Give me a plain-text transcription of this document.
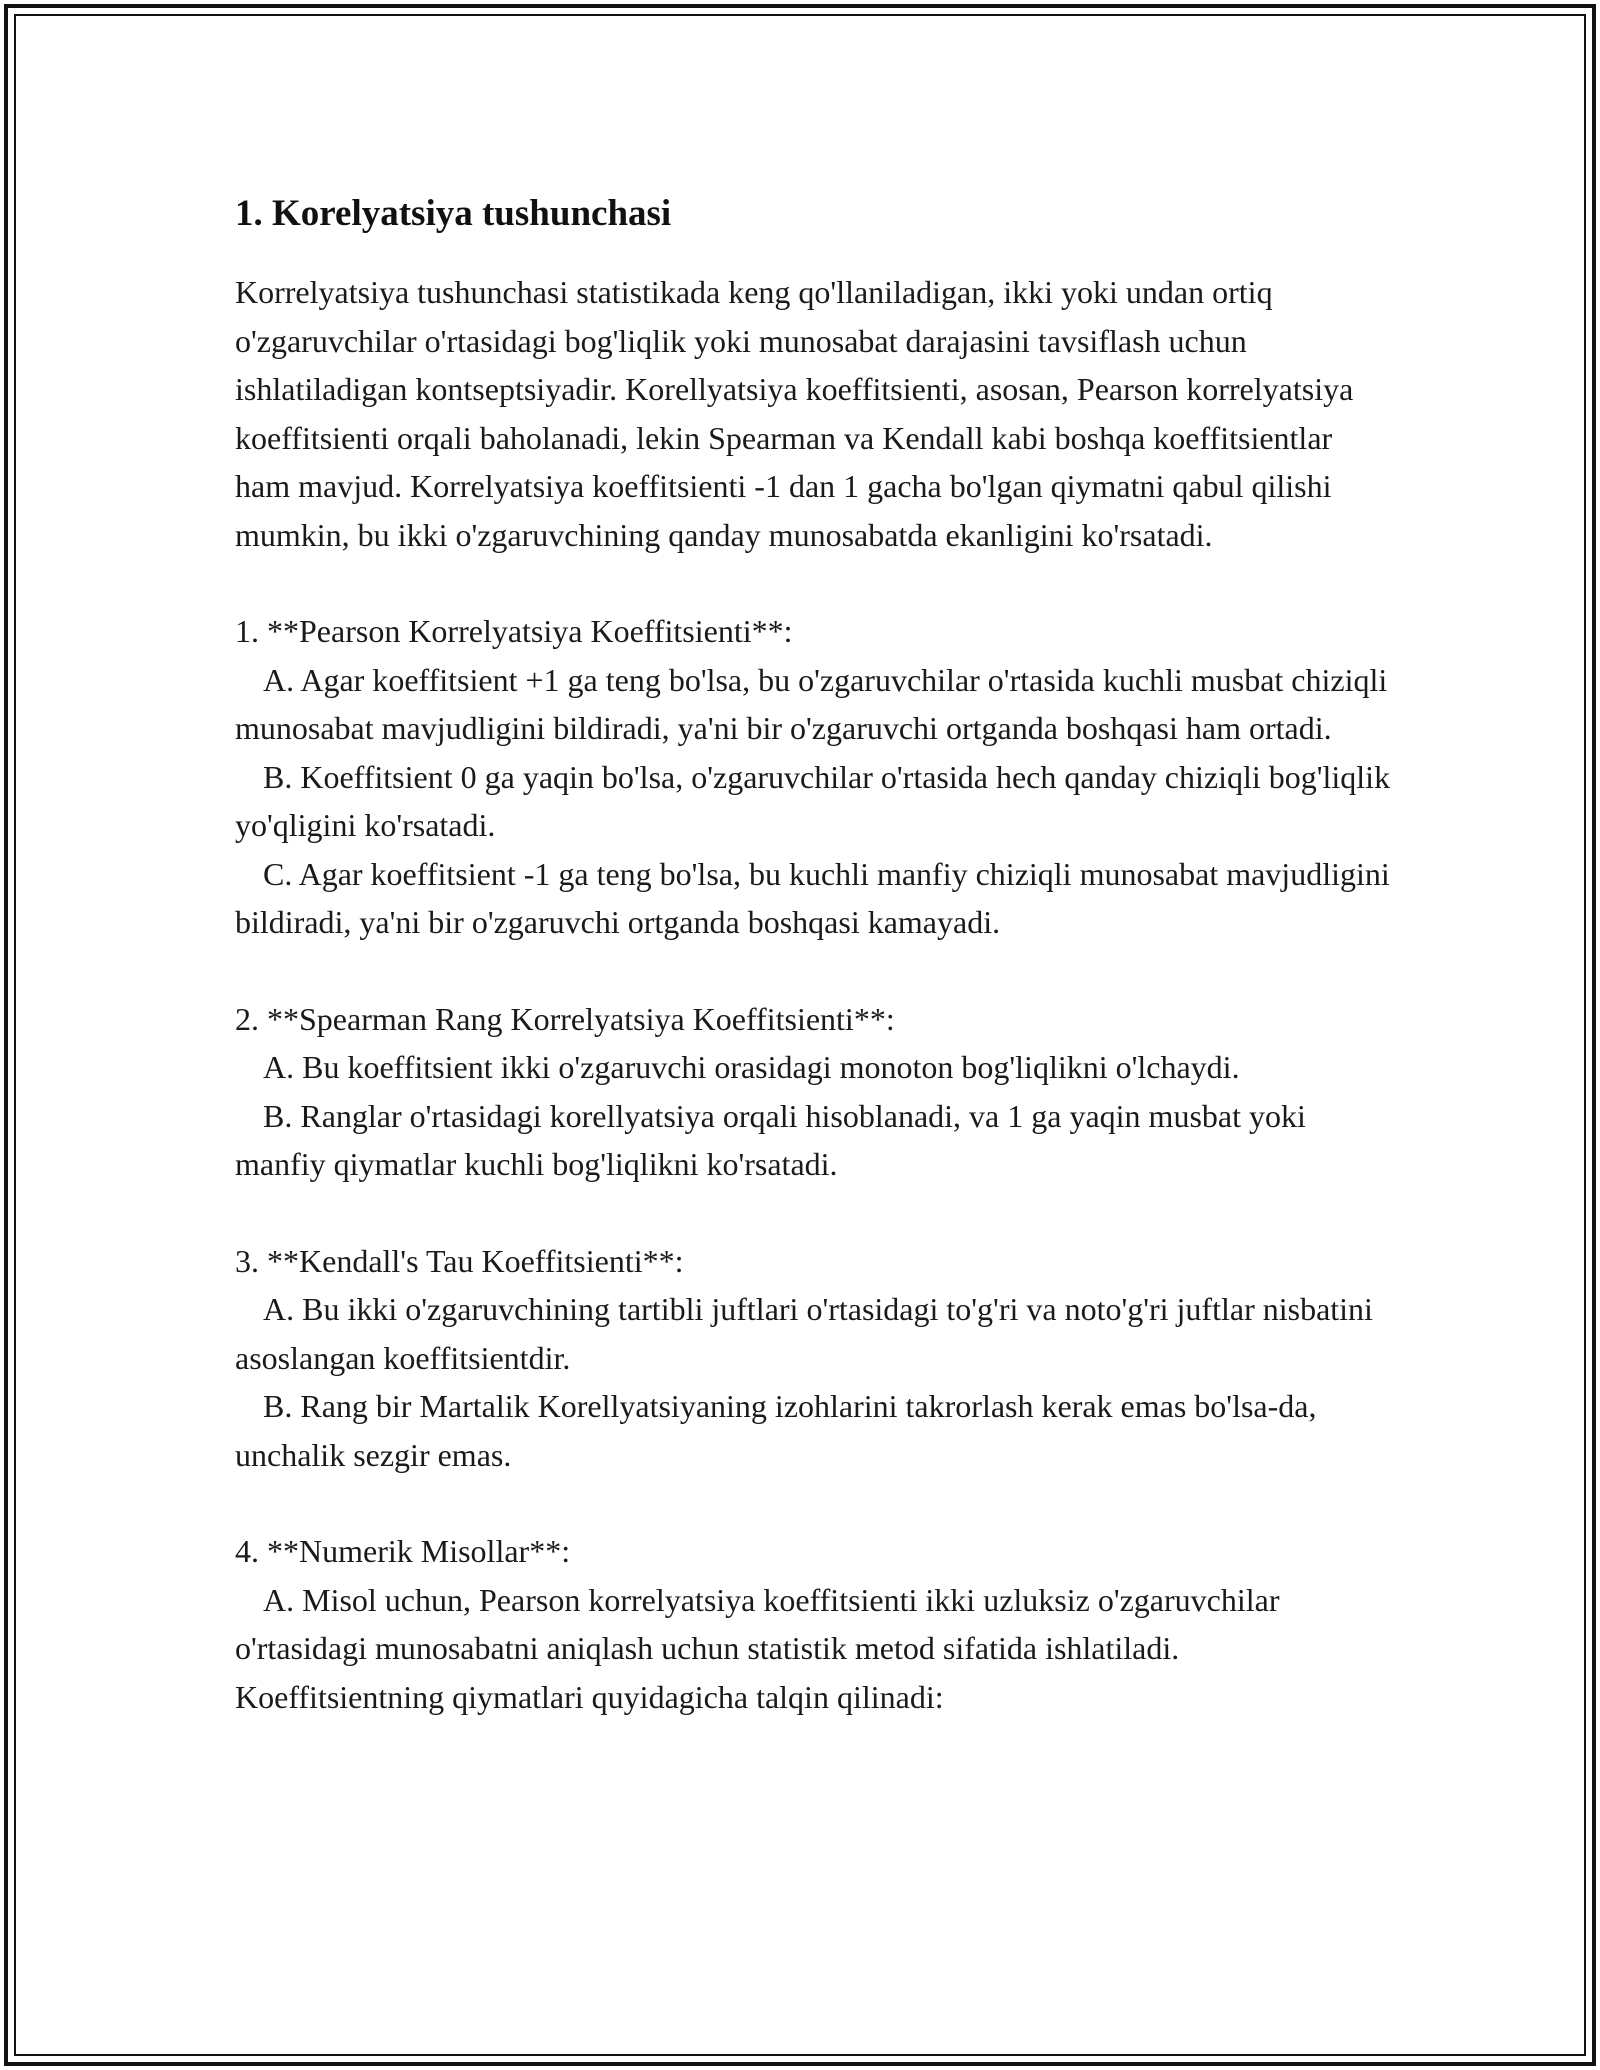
1. Korelyatsiya tushunchasi

Korrelyatsiya tushunchasi statistikada keng qo'llaniladigan, ikki yoki undan ortiq o'zgaruvchilar o'rtasidagi bog'liqlik yoki munosabat darajasini tavsiflash uchun ishlatiladigan kontseptsiyadir. Korellyatsiya koeffitsienti, asosan, Pearson korrelyatsiya koeffitsienti orqali baholanadi, lekin Spearman va Kendall kabi boshqa koeffitsientlar ham mavjud. Korrelyatsiya koeffitsienti -1 dan 1 gacha bo'lgan qiymatni qabul qilishi mumkin, bu ikki o'zgaruvchining qanday munosabatda ekanligini ko'rsatadi.

1. **Pearson Korrelyatsiya Koeffitsienti**:

A. Agar koeffitsient +1 ga teng bo'lsa, bu o'zgaruvchilar o'rtasida kuchli musbat chiziqli munosabat mavjudligini bildiradi, ya'ni bir o'zgaruvchi ortganda boshqasi ham ortadi.

B. Koeffitsient 0 ga yaqin bo'lsa, o'zgaruvchilar o'rtasida hech qanday chiziqli bog'liqlik yo'qligini ko'rsatadi.

C. Agar koeffitsient -1 ga teng bo'lsa, bu kuchli manfiy chiziqli munosabat mavjudligini bildiradi, ya'ni bir o'zgaruvchi ortganda boshqasi kamayadi.

2. **Spearman Rang Korrelyatsiya Koeffitsienti**:

A. Bu koeffitsient ikki o'zgaruvchi orasidagi monoton bog'liqlikni o'lchaydi.

B. Ranglar o'rtasidagi korellyatsiya orqali hisoblanadi, va 1 ga yaqin musbat yoki manfiy qiymatlar kuchli bog'liqlikni ko'rsatadi.

3. **Kendall's Tau Koeffitsienti**:

A. Bu ikki o'zgaruvchining tartibli juftlari o'rtasidagi to'g'ri va noto'g'ri juftlar nisbatini asoslangan koeffitsientdir.

B. Rang bir Martalik Korellyatsiyaning izohlarini takrorlash kerak emas bo'lsa-da, unchalik sezgir emas.

4. **Numerik Misollar**:

A. Misol uchun, Pearson korrelyatsiya koeffitsienti ikki uzluksiz o'zgaruvchilar o'rtasidagi munosabatni aniqlash uchun statistik metod sifatida ishlatiladi. Koeffitsientning qiymatlari quyidagicha talqin qilinadi:
